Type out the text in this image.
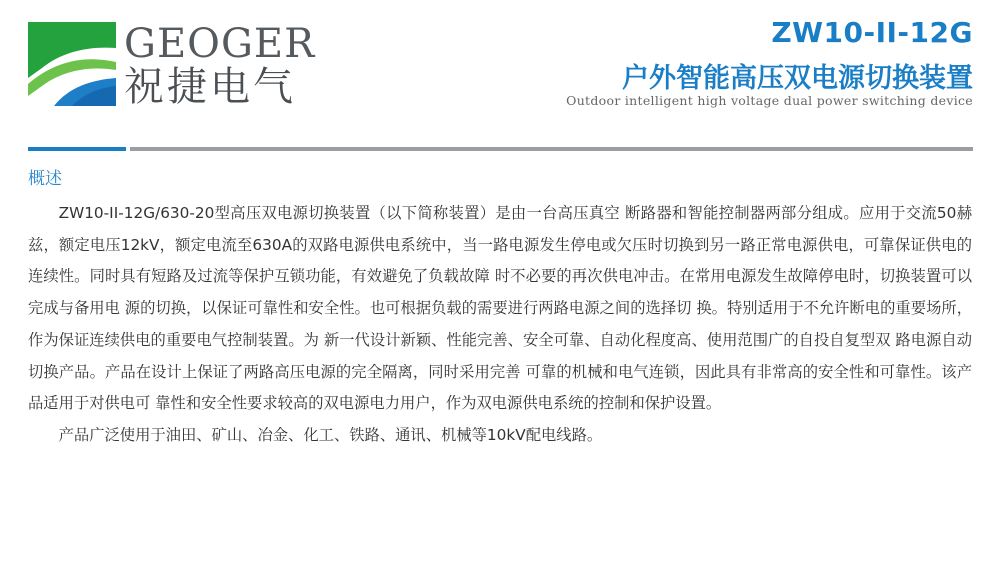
GEOGER
祝捷电气
ZW10-II-12G
户外智能高压双电源切换装置
Outdoor intelligent high voltage dual power switching device
概述

ZW10-II-12G/630-20型高压双电源切换装置（以下简称装置）是由一台高压真空 断路器和智能控制器两部分组成。应用于交流50赫兹，额定电压12kV，额定电流至630A的双路电源供电系统中，当一路电源发生停电或欠压时切换到另一路正常电源供电，可靠保证供电的连续性。同时具有短路及过流等保护互锁功能，有效避免了负载故障 时不必要的再次供电冲击。在常用电源发生故障停电时，切换装置可以完成与备用电 源的切换，以保证可靠性和安全性。也可根据负载的需要进行两路电源之间的选择切 换。特别适用于不允许断电的重要场所，作为保证连续供电的重要电气控制装置。为 新一代设计新颖、性能完善、安全可靠、自动化程度高、使用范围广的自投自复型双 路电源自动切换产品。产品在设计上保证了两路高压电源的完全隔离，同时采用完善 可靠的机械和电气连锁，因此具有非常高的安全性和可靠性。该产品适用于对供电可 靠性和安全性要求较高的双电源电力用户，作为双电源供电系统的控制和保护设置。

产品广泛使用于油田、矿山、冶金、化工、铁路、通讯、机械等10kV配电线路。
